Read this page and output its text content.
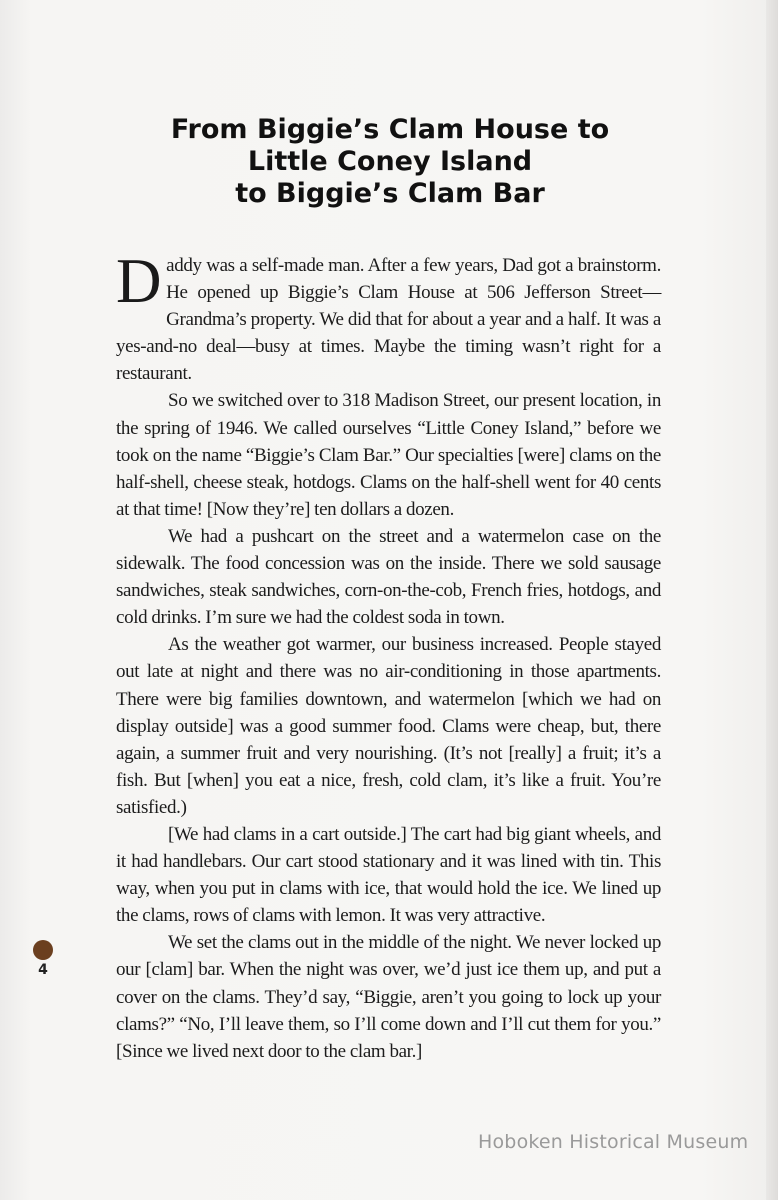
From Biggie’s Clam House to
Little Coney Island
to Biggie’s Clam Bar

Daddy was a self-made man. After a few years, Dad got a brainstorm. He opened up Biggie’s Clam House at 506 Jefferson Street—Grandma’s property. We did that for about a year and a half. It was a yes-and-no deal—busy at times. Maybe the timing wasn’t right for a restaurant.

So we switched over to 318 Madison Street, our present location, in the spring of 1946. We called ourselves “Little Coney Island,” before we took on the name “Biggie’s Clam Bar.” Our specialties [were] clams on the half-shell, cheese steak, hotdogs. Clams on the half-shell went for 40 cents at that time! [Now they’re] ten dollars a dozen.

We had a pushcart on the street and a watermelon case on the sidewalk. The food concession was on the inside. There we sold sausage sandwiches, steak sandwiches, corn-on-the-cob, French fries, hotdogs, and cold drinks. I’m sure we had the coldest soda in town.

As the weather got warmer, our business increased. People stayed out late at night and there was no air-conditioning in those apartments. There were big families downtown, and watermelon [which we had on display outside] was a good summer food. Clams were cheap, but, there again, a summer fruit and very nourishing. (It’s not [really] a fruit; it’s a fish. But [when] you eat a nice, fresh, cold clam, it’s like a fruit. You’re satisfied.)

[We had clams in a cart outside.] The cart had big giant wheels, and it had handlebars. Our cart stood stationary and it was lined with tin. This way, when you put in clams with ice, that would hold the ice. We lined up the clams, rows of clams with lemon. It was very attractive.

We set the clams out in the middle of the night. We never locked up our [clam] bar. When the night was over, we’d just ice them up, and put a cover on the clams. They’d say, “Biggie, aren’t you going to lock up your clams?” “No, I’ll leave them, so I’ll come down and I’ll cut them for you.” [Since we lived next door to the clam bar.]

4
Hoboken Historical Museum
